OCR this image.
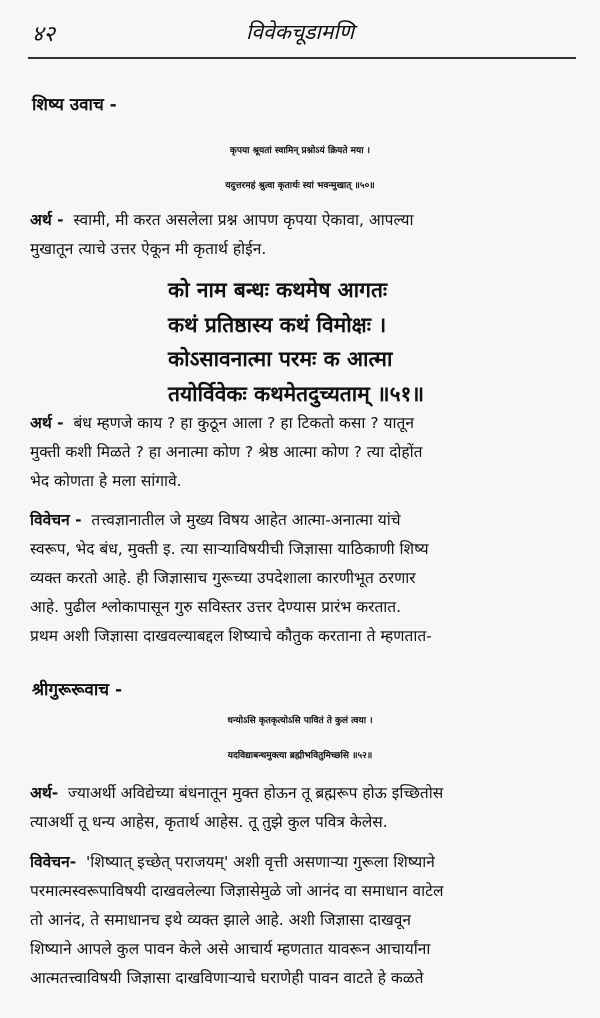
४२	विवेकचूडामणि
शिष्य उवाच -
कृपया श्रूयतां स्वामिन् प्रश्नोऽयं क्रियते मया ।
यदुत्तरमहं श्रुत्वा कृतार्थः स्यां भवन्मुखात् ॥५०॥
अर्थ - स्वामी, मी करत असलेला प्रश्न आपण कृपया ऐकावा, आपल्या
मुखातून त्याचे उत्तर ऐकून मी कृतार्थ होईन.
को नाम बन्धः कथमेष आगतः
कथं प्रतिष्ठास्य कथं विमोक्षः ।
कोऽसावनात्मा परमः क आत्मा
तयोर्विवेकः कथमेतदुच्यताम् ॥५१॥
अर्थ - बंध म्हणजे काय ? हा कुठून आला ? हा टिकतो कसा ? यातून
मुक्ती कशी मिळते ? हा अनात्मा कोण ? श्रेष्ठ आत्मा कोण ? त्या दोहोंत
भेद कोणता हे मला सांगावे.
विवेचन - तत्त्वज्ञानातील जे मुख्य विषय आहेत आत्मा-अनात्मा यांचे
स्वरूप, भेद बंध, मुक्ती इ. त्या साऱ्याविषयीची जिज्ञासा याठिकाणी शिष्य
व्यक्त करतो आहे. ही जिज्ञासाच गुरूच्या उपदेशाला कारणीभूत ठरणार
आहे. पुढील श्लोकापासून गुरु सविस्तर उत्तर देण्यास प्रारंभ करतात.
प्रथम अशी जिज्ञासा दाखवल्याबद्दल शिष्याचे कौतुक करताना ते म्हणतात-
श्रीगुरूरूवाच -
धन्योऽसि कृतकृत्योऽसि पावितं ते कुलं त्वया ।
यदविद्याबन्धमुक्त्या ब्रह्मीभवितुमिच्छसि ॥५२॥
अर्थ- ज्याअर्थी अविद्येच्या बंधनातून मुक्त होऊन तू ब्रह्मरूप होऊ इच्छितोस
त्याअर्थी तू धन्य आहेस, कृतार्थ आहेस. तू तुझे कुल पवित्र केलेस.
विवेचन- 'शिष्यात् इच्छेत् पराजयम्' अशी वृत्ती असणाऱ्या गुरूला शिष्याने
परमात्मस्वरूपाविषयी दाखवलेल्या जिज्ञासेमुळे जो आनंद वा समाधान वाटेल
तो आनंद, ते समाधानच इथे व्यक्त झाले आहे. अशी जिज्ञासा दाखवून
शिष्याने आपले कुल पावन केले असे आचार्य म्हणतात यावरून आचार्यांना
आत्मतत्त्वाविषयी जिज्ञासा दाखविणाऱ्याचे घराणेही पावन वाटते हे कळते
